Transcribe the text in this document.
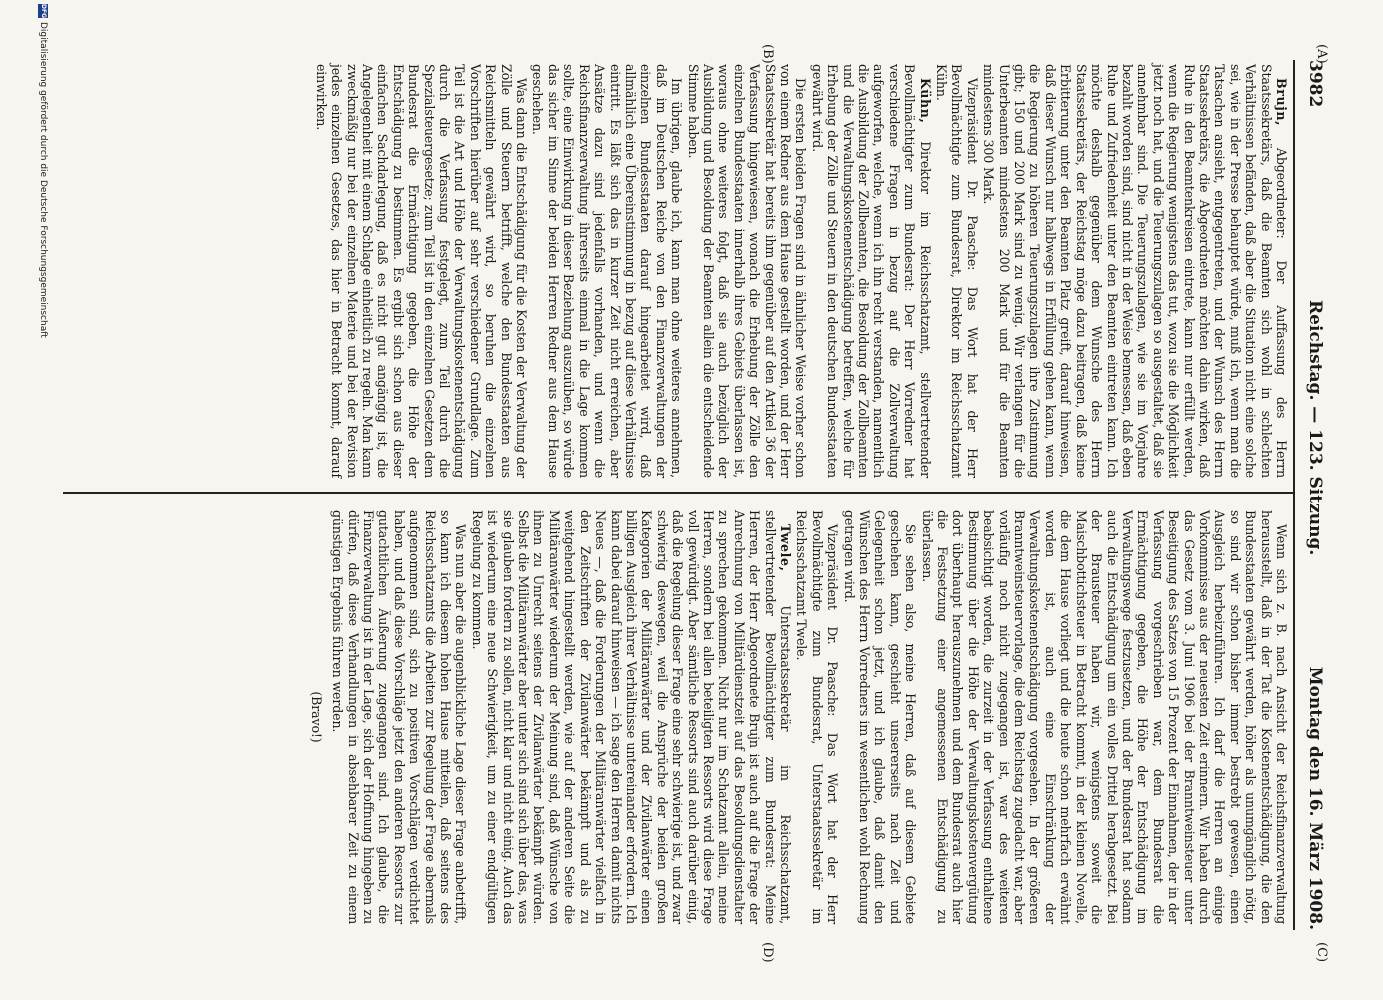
3982
Reichstag. — 123. Sitzung.
Montag den 16. März 1908.
(A)
(B)
(C)
(D)

Brujn, Abgeordneter: Der Auffassung des Herrn Staatssekretärs, daß die Beamten sich wohl in schlechten Verhältnissen befänden, daß aber die Situation nicht eine solche sei, wie in der Presse behauptet würde, muß ich, wenn man die Tatsachen ansieht, entgegentreten, und der Wunsch des Herrn Staatssekretärs, die Abgeordneten möchten dahin wirken, daß Ruhe in den Beamtenkreisen eintrete, kann nur erfüllt werden, wenn die Regierung wenigstens das tut, wozu sie die Möglichkeit jetzt noch hat, und die Teuerungszulagen so ausgestaltet, daß sie annehmbar sind. Die Teuerungszulagen, wie sie im Vorjahre bezahlt worden sind, sind nicht in der Weise bemessen, daß eben Ruhe und Zufriedenheit unter den Beamten eintreten kann. Ich möchte deshalb gegenüber dem Wunsche des Herrn Staatssekretärs, der Reichstag möge dazu beitragen, daß keine Erbitterung unter den Beamten Platz greift, darauf hinweisen, daß dieser Wunsch nur halbwegs in Erfüllung gehen kann, wenn die Regierung zu höheren Teuerungszulagen ihre Zustimmung gibt; 150 und 200 Mark sind zu wenig. Wir verlangen für die Unterbeamten mindestens 200 Mark und für die Beamten mindestens 300 Mark.

Vizepräsident Dr. Paasche: Das Wort hat der Herr Bevollmächtigte zum Bundesrat, Direktor im Reichsschatzamt Kühn.

Kühn, Direktor im Reichsschatzamt, stellvertretender Bevollmächtigter zum Bundesrat: Der Herr Vorredner hat verschiedene Fragen in bezug auf die Zollverwaltung aufgeworfen, welche, wenn ich ihn recht verstanden, namentlich die Ausbildung der Zollbeamten, die Besoldung der Zollbeamten und die Verwaltungskostenentschädigung betreffen, welche für Erhebung der Zölle und Steuern in den deutschen Bundesstaaten gewährt wird.

Die ersten beiden Fragen sind in ähnlicher Weise vorher schon von einem Redner aus dem Hause gestellt worden, und der Herr Staatssekretär hat bereits ihm gegenüber auf den Artikel 36 der Verfassung hingewiesen, wonach die Erhebung der Zölle den einzelnen Bundesstaaten innerhalb ihres Gebiets überlassen ist, woraus ohne weiteres folgt, daß sie auch bezüglich der Ausbildung und Besoldung der Beamten allein die entscheidende Stimme haben.

Im übrigen, glaube ich, kann man ohne weiteres annehmen, daß im Deutschen Reiche von den Finanzverwaltungen der einzelnen Bundesstaaten darauf hingearbeitet wird, daß allmählich eine Übereinstimmung in bezug auf diese Verhältnisse eintritt. Es läßt sich das in kurzer Zeit nicht erreichen, aber Ansätze dazu sind jedenfalls vorhanden, und wenn die Reichsfinanzverwaltung ihrerseits einmal in die Lage kommen sollte, eine Einwirkung in dieser Beziehung auszuüben, so würde das sicher im Sinne der beiden Herren Redner aus dem Hause geschehen.

Was dann die Entschädigung für die Kosten der Verwaltung der Zölle und Steuern betrifft, welche den Bundesstaaten aus Reichsmitteln gewährt wird, so beruhen die einzelnen Vorschriften hierüber auf sehr verschiedener Grundlage. Zum Teil ist die Art und Höhe der Verwaltungskostenentschädigung durch die Verfassung festgelegt, zum Teil durch die Spezialsteuergesetze; zum Teil ist in den einzelnen Gesetzen dem Bundesrat die Ermächtigung gegeben, die Höhe der Entschädigung zu bestimmen. Es ergibt sich schon aus dieser einfachen Sachdarlegung, daß es nicht gut angängig ist, die Angelegenheit mit einem Schlage einheitlich zu regeln. Man kann zweckmäßig nur bei der einzelnen Materie und bei der Revision jedes einzelnen Gesetzes, das hier in Betracht kommt, darauf einwirken.

Wenn sich z. B. nach Ansicht der Reichsfinanzverwaltung herausstellt, daß in der Tat die Kostenentschädigung, die den Bundesstaaten gewährt werden, höher als unumgänglich nötig, so sind wir schon bisher immer bestrebt gewesen, einen Ausgleich herbeizuführen. Ich darf die Herren an einige Vorkommnisse aus der neuesten Zeit erinnern. Wir haben durch das Gesetz vom 3. Juni 1906 bei der Branntweinsteuer unter Beseitigung des Satzes von 15 Prozent der Einnahmen, der in der Verfassung vorgeschrieben war, dem Bundesrat die Ermächtigung gegeben, die Höhe der Entschädigung im Verwaltungswege festzusetzen, und der Bundesrat hat sodann auch die Entschädigung um ein volles Drittel herabgesetzt. Bei der Brausteuer haben wir, wenigstens soweit die Maischbottichsteuer in Betracht kommt, in der kleinen Novelle, die dem Hause vorliegt und die heute schon mehrfach erwähnt worden ist, auch eine Einschränkung der Verwaltungskostenentschädigung vorgesehen. In der größeren Branntweinsteuervorlage, die dem Reichstag zugedacht war, aber vorläufig noch nicht zugegangen ist, war des weiteren beabsichtigt worden, die zurzeit in der Verfassung enthaltene Bestimmung über die Höhe der Verwaltungskostenvergütung dort überhaupt herauszunehmen und dem Bundesrat auch hier die Festsetzung einer angemessenen Entschädigung zu überlassen.

Sie sehen also, meine Herren, daß auf diesem Gebiete geschehen kann, geschieht unsererseits nach Zeit und Gelegenheit schon jetzt, und ich glaube, daß damit den Wünschen des Herrn Vorredners im wesentlichen wohl Rechnung getragen wird.

Vizepräsident Dr. Paasche: Das Wort hat der Herr Bevollmächtigte zum Bundesrat, Unterstaatssekretär im Reichsschatzamt Twele.

Twele, Unterstaatssekretär im Reichsschatzamt, stellvertretender Bevollmächtigter zum Bundesrat: Meine Herren, der Herr Abgeordnete Brujn ist auch auf die Frage der Anrechnung von Militärdienstzeit auf das Besoldungsdienstalter zu sprechen gekommen. Nicht nur im Schatzamt allein, meine Herren, sondern bei allen beteiligten Ressorts wird diese Frage voll gewürdigt. Aber sämtliche Ressorts sind auch darüber einig, daß die Regelung dieser Frage eine sehr schwierige ist, und zwar schwierig deswegen, weil die Ansprüche der beiden großen Kategorien der Militäranwärter und der Zivilanwärter einen billigen Ausgleich ihrer Verhältnisse untereinander erfordern. Ich kann dabei darauf hinweisen — ich sage den Herren damit nichts Neues —, daß die Forderungen der Militäranwärter vielfach in den Zeitschriften der Zivilanwärter bekämpft und als zu weitgehend hingestellt werden, wie auf der anderen Seite die Militäranwärter wiederum der Meinung sind, daß Wünsche von ihnen zu Unrecht seitens der Zivilanwärter bekämpft würden. Selbst die Militäranwärter aber unter sich sind sich über das, was sie glauben fordern zu sollen, nicht klar und nicht einig. Auch das ist wiederum eine neue Schwierigkeit, um zu einer endgültigen Regelung zu kommen.

Was nun aber die augenblickliche Lage dieser Frage anbetrifft, so kann ich diesem hohen Hause mitteilen, daß seitens des Reichsschatzamts die Arbeiten zur Regelung der Frage abermals aufgenommen sind, sich zu positiven Vorschlägen verdichtet haben, und daß diese Vorschläge jetzt den anderen Ressorts zur gutachtlichen Äußerung zugegangen sind. Ich glaube, die Finanzverwaltung ist in der Lage, sich der Hoffnung hingeben zu dürfen, daß diese Verhandlungen in absehbarer Zeit zu einem günstigen Ergebnis führen werden.

(Bravo!)

DFG
Digitalisierung gefördert durch die Deutsche Forschungsgemeinschaft
